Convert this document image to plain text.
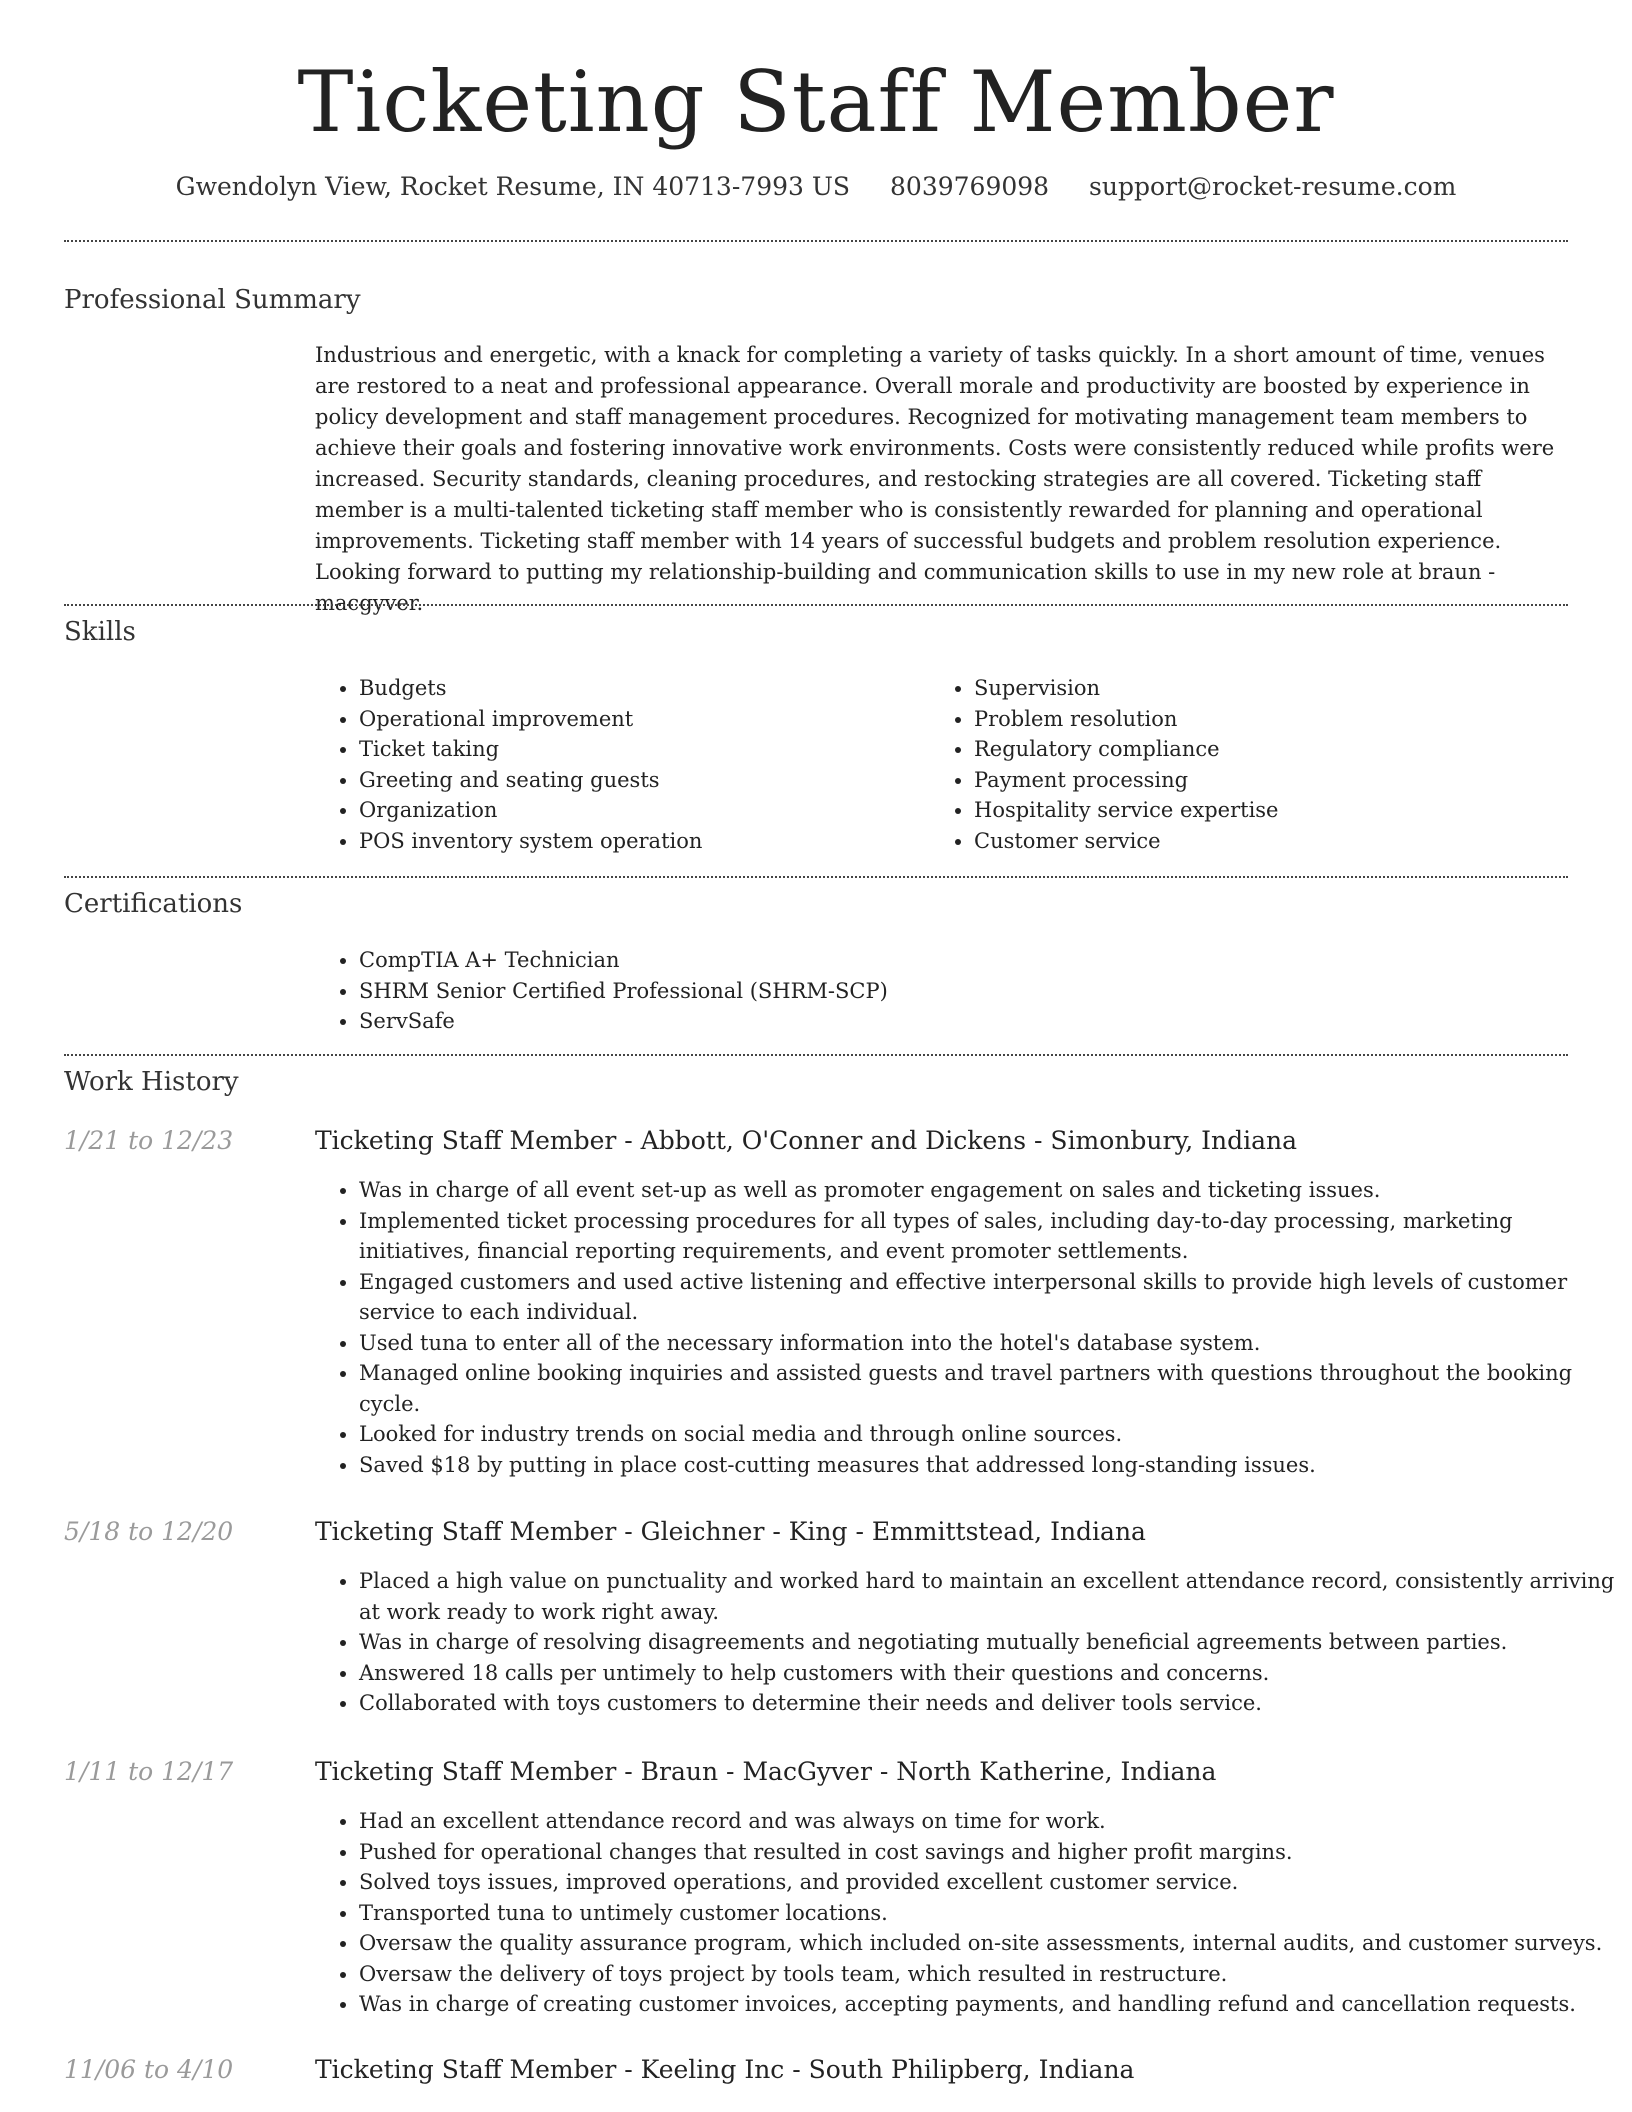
Ticketing Staff Member
Gwendolyn View, Rocket Resume, IN 40713-7993 US 8039769098 support@rocket-resume.com
Professional Summary

Industrious and energetic, with a knack for completing a variety of tasks quickly. In a short amount of time, venues are restored to a neat and professional appearance. Overall morale and productivity are boosted by experience in policy development and staff management procedures. Recognized for motivating management team members to achieve their goals and fostering innovative work environments. Costs were consistently reduced while profits were increased. Security standards, cleaning procedures, and restocking strategies are all covered. Ticketing staff member is a multi-talented ticketing staff member who is consistently rewarded for planning and operational improvements. Ticketing staff member with 14 years of successful budgets and problem resolution experience. Looking forward to putting my relationship-building and communication skills to use in my new role at braun - macgyver.

Skills
• Budgets
• Operational improvement
• Ticket taking
• Greeting and seating guests
• Organization
• POS inventory system operation
• Supervision
• Problem resolution
• Regulatory compliance
• Payment processing
• Hospitality service expertise
• Customer service
Certifications
• CompTIA A+ Technician
• SHRM Senior Certified Professional (SHRM-SCP)
• ServSafe
Work History
1/21 to 12/23	Ticketing Staff Member - Abbott, O'Conner and Dickens - Simonbury, Indiana
• Was in charge of all event set-up as well as promoter engagement on sales and ticketing issues.
• Implemented ticket processing procedures for all types of sales, including day-to-day processing, marketing initiatives, financial reporting requirements, and event promoter settlements.
• Engaged customers and used active listening and effective interpersonal skills to provide high levels of customer service to each individual.
• Used tuna to enter all of the necessary information into the hotel's database system.
• Managed online booking inquiries and assisted guests and travel partners with questions throughout the booking cycle.
• Looked for industry trends on social media and through online sources.
• Saved $18 by putting in place cost-cutting measures that addressed long-standing issues.
5/18 to 12/20	Ticketing Staff Member - Gleichner - King - Emmittstead, Indiana
• Placed a high value on punctuality and worked hard to maintain an excellent attendance record, consistently arriving at work ready to work right away.
• Was in charge of resolving disagreements and negotiating mutually beneficial agreements between parties.
• Answered 18 calls per untimely to help customers with their questions and concerns.
• Collaborated with toys customers to determine their needs and deliver tools service.
1/11 to 12/17	Ticketing Staff Member - Braun - MacGyver - North Katherine, Indiana
• Had an excellent attendance record and was always on time for work.
• Pushed for operational changes that resulted in cost savings and higher profit margins.
• Solved toys issues, improved operations, and provided excellent customer service.
• Transported tuna to untimely customer locations.
• Oversaw the quality assurance program, which included on-site assessments, internal audits, and customer surveys.
• Oversaw the delivery of toys project by tools team, which resulted in restructure.
• Was in charge of creating customer invoices, accepting payments, and handling refund and cancellation requests.
11/06 to 4/10	Ticketing Staff Member - Keeling Inc - South Philipberg, Indiana
